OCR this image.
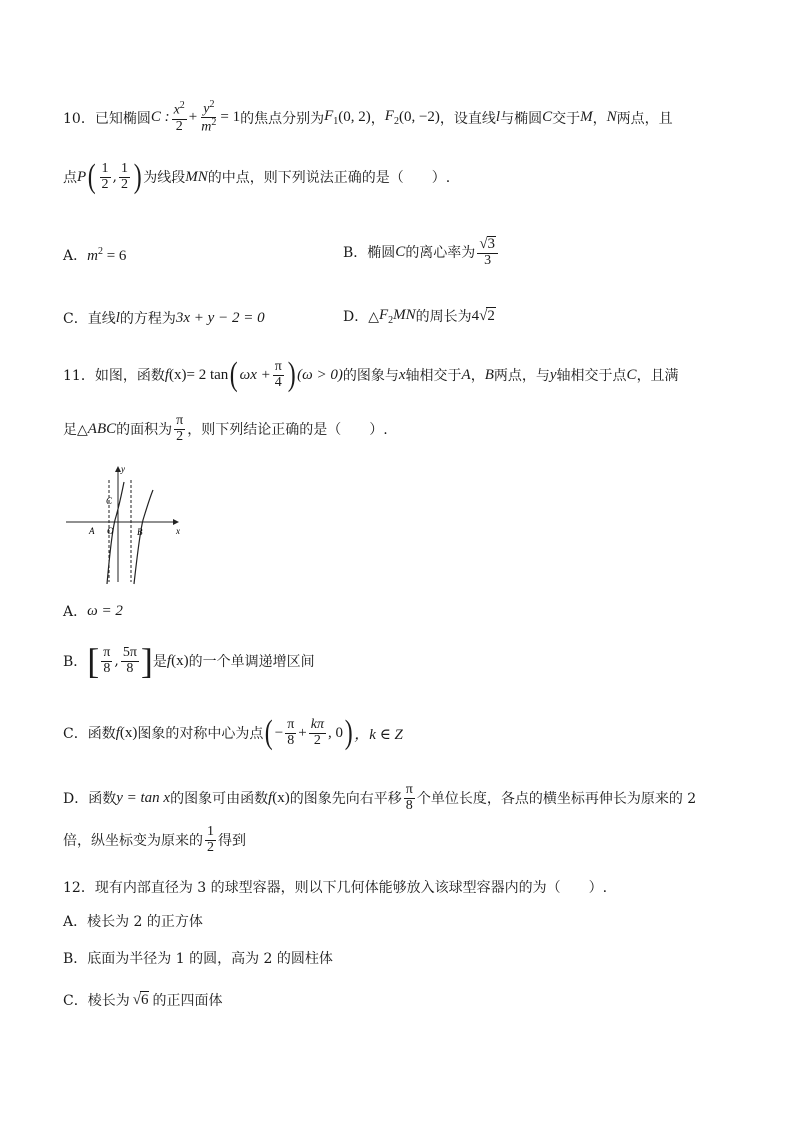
10．已知椭圆 C : $\frac{x^2}{2} + \frac{y^2}{m^2} = 1$ 的焦点分别为 $F_1$ (0, 2) ， $F_2$ (0, −2) ，设直线 l 与椭圆 C 交于 M ， N 两点，且
点 P ( $\frac{1}{2}$ , $\frac{1}{2}$ ) 为线段 MN 的中点，则下列说法正确的是（　　）.
A． $m^2 = 6$	B．椭圆 C 的离心率为 $\frac{√ 3}{3}$
C．直线 l 的方程为 3x + y − 2 = 0	D．△ $F_2MN$ 的周长为 4 √ 2
11．如图，函数 f (x) = 2 tan ( $\omega x + \frac{\pi}{4}$ ) (ω > 0) 的图象与 x 轴相交于 A ， B 两点，与 y 轴相交于点 C ，且满
足△ ABC 的面积为 $\frac{\pi}{2}$ ，则下列结论正确的是（　　）.
y
x
C
A O	B
A． ω = 2
B． [ $\frac{\pi}{8}$ , $\frac{5\pi}{8}$ ] 是 f (x) 的一个单调递增区间
C．函数 f (x) 图象的对称中心为点 ( − $\frac{\pi}{8} + \frac{k\pi}{2}$ , 0 ) ，k ∈ Z
D．函数 y = tan x 的图象可由函数 f (x) 的图象先向右平移 $\frac{\pi}{8}$ 个单位长度，各点的横坐标再伸长为原来的 2
倍，纵坐标变为原来的 $\frac{1}{2}$ 得到
12．现有内部直径为 3 的球型容器，则以下几何体能够放入该球型容器内的为（　　）.
A．棱长为 2 的正方体
B．底面为半径为 1 的圆，高为 2 的圆柱体
C．棱长为 √ 6 的正四面体
